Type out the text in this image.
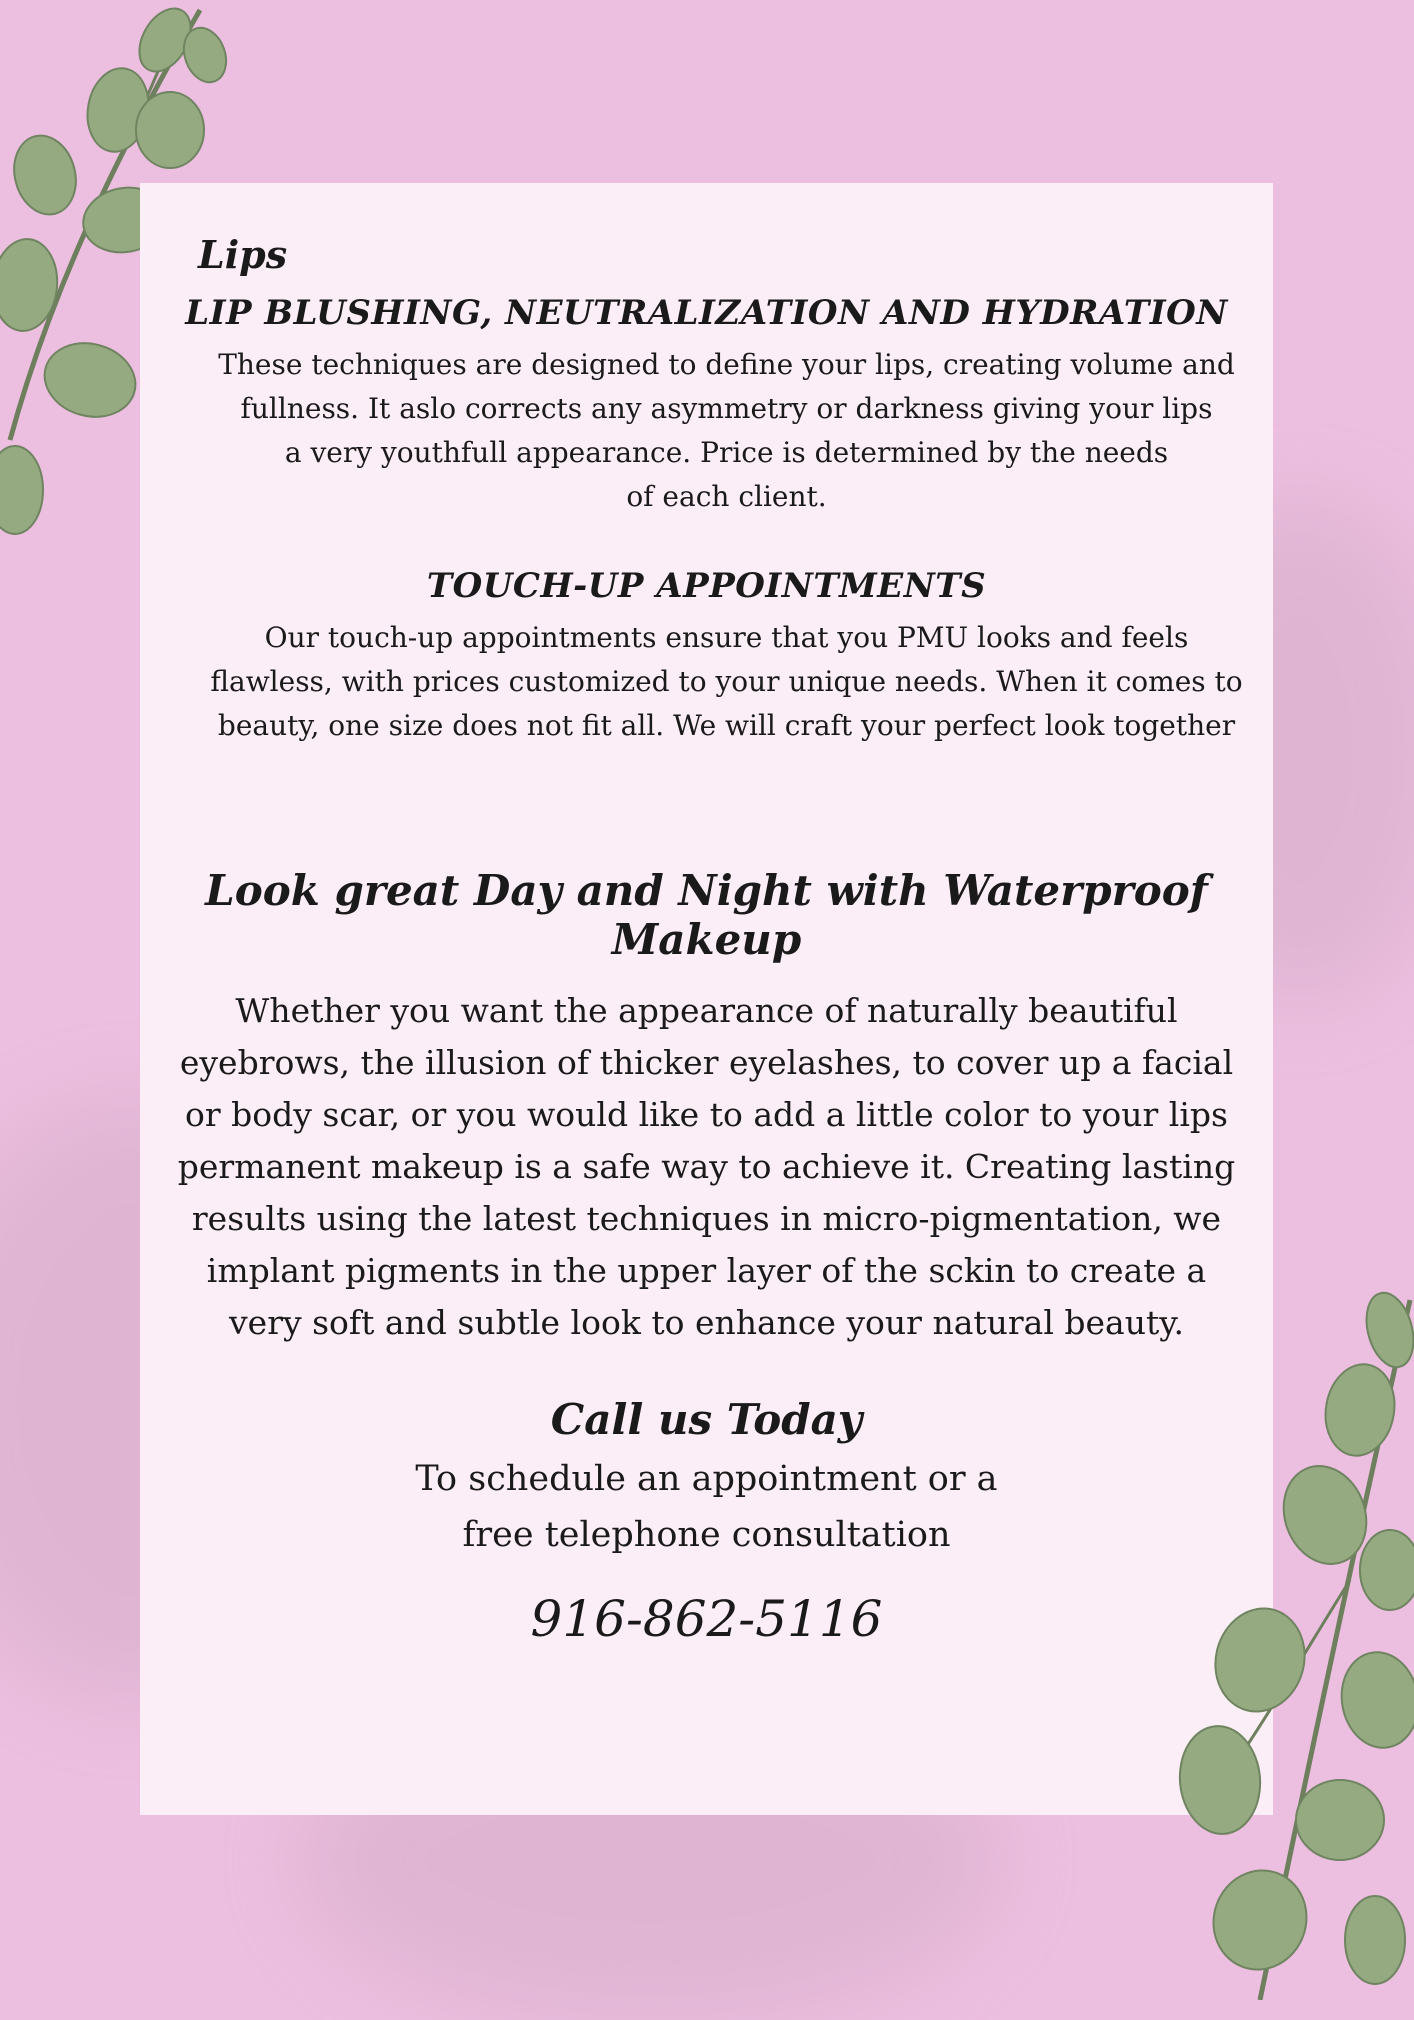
Lips
LIP BLUSHING, NEUTRALIZATION AND HYDRATION

These techniques are designed to define your lips, creating volume and

fullness. It aslo corrects any asymmetry or darkness giving your lips

a very youthfull appearance. Price is determined by the needs

of each client.

TOUCH-UP APPOINTMENTS

Our touch-up appointments ensure that you PMU looks and feels

flawless, with prices customized to your unique needs. When it comes to

beauty, one size does not fit all. We will craft your perfect look together

Look great Day and Night with Waterproof Makeup

Whether you want the appearance of naturally beautiful

eyebrows, the illusion of thicker eyelashes, to cover up a facial

or body scar, or you would like to add a little color to your lips

permanent makeup is a safe way to achieve it. Creating lasting

results using the latest techniques in micro-pigmentation, we

implant pigments in the upper layer of the sckin to create a

very soft and subtle look to enhance your natural beauty.

Call us Today

To schedule an appointment or a

free telephone consultation

916-862-5116
